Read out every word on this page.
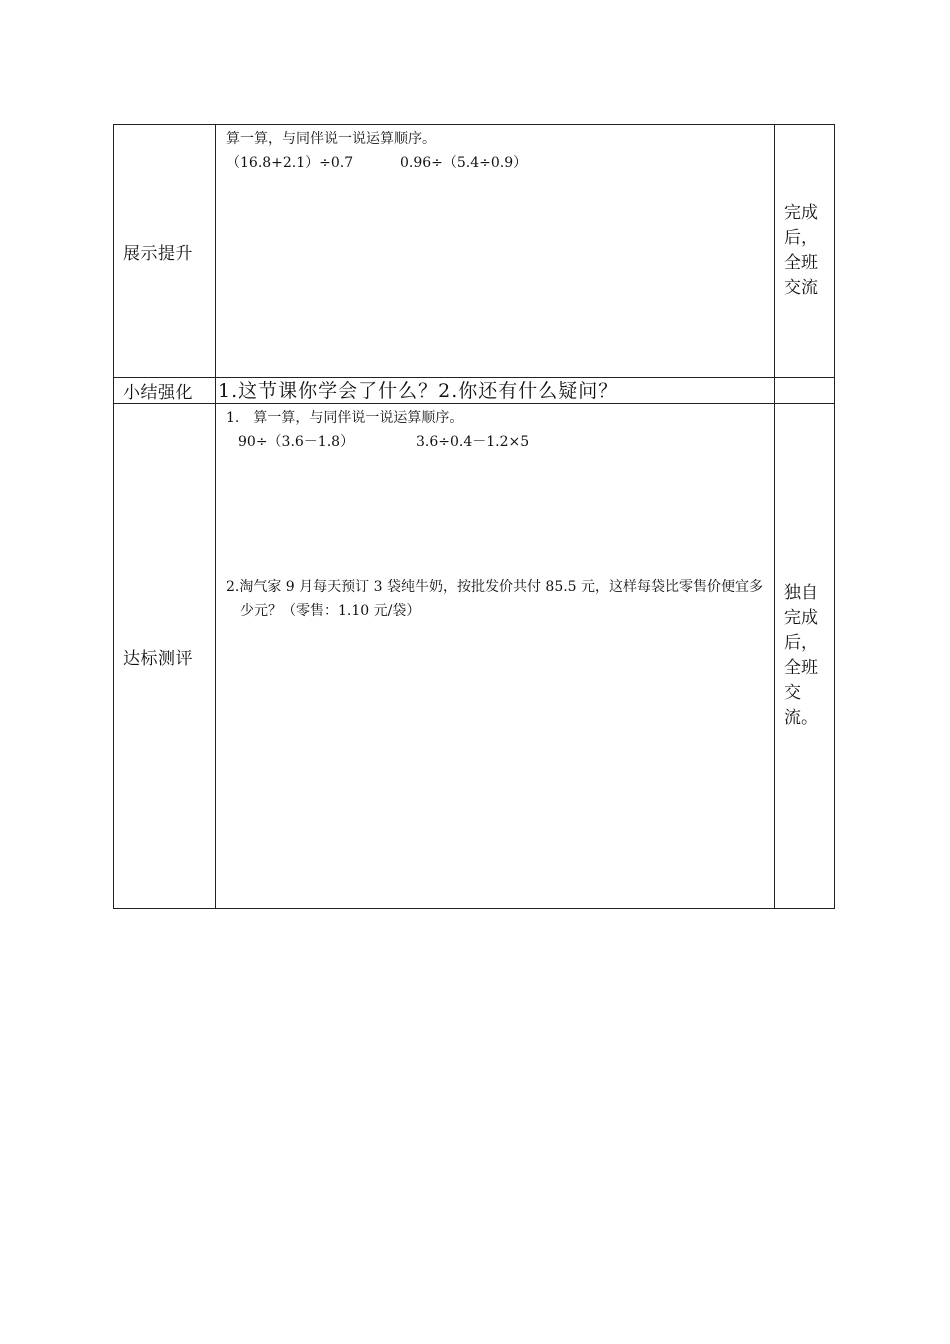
展示提升	算一算，与同伴说一说运算顺序。
（16.8+2.1）÷0.7 0.96÷（5.4÷0.9）	完成后，全班交流

小结强化	1.这节课你学会了什么？2.你还有什么疑问？	

达标测评	1.　算一算，与同伴说一说运算顺序。
90÷（3.6－1.8） 3.6÷0.4－1.2×5
2.淘气家 9 月每天预订 3 袋纯牛奶，按批发价共付 85.5 元，这样每袋比零售价便宜多少元？（零售：1.10 元/袋）	独自完成后，全班交流。
